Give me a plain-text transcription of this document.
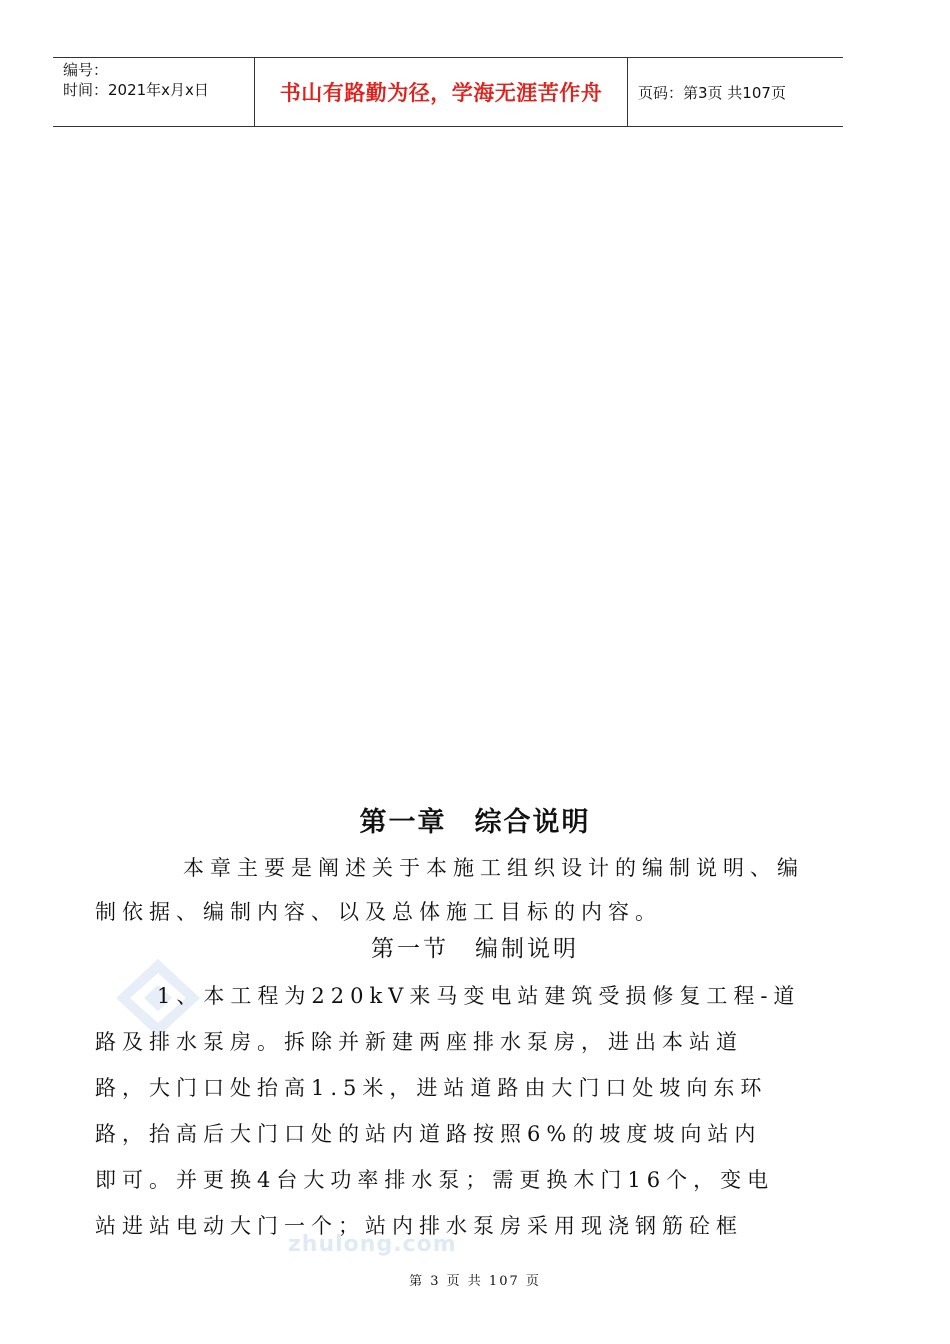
编号：
时间：2021年x月x日	书山有路勤为径，学海无涯苦作舟 页码：第3页 共107页
第一章 综合说明
本章主要是阐述关于本施工组织设计的编制说明、编制依据、编制内容、以及总体施工目标的内容。
第一节 编制说明
1、本工程为220kV来马变电站建筑受损修复工程-道
路及排水泵房。拆除并新建两座排水泵房，进出本站道
路，大门口处抬高1.5米，进站道路由大门口处坡向东环
路，抬高后大门口处的站内道路按照6%的坡度坡向站内
即可。并更换4台大功率排水泵；需更换木门16个，变电
站进站电动大门一个；站内排水泵房采用现浇钢筋砼框
zhulong.com
第 3 页 共 107 页
